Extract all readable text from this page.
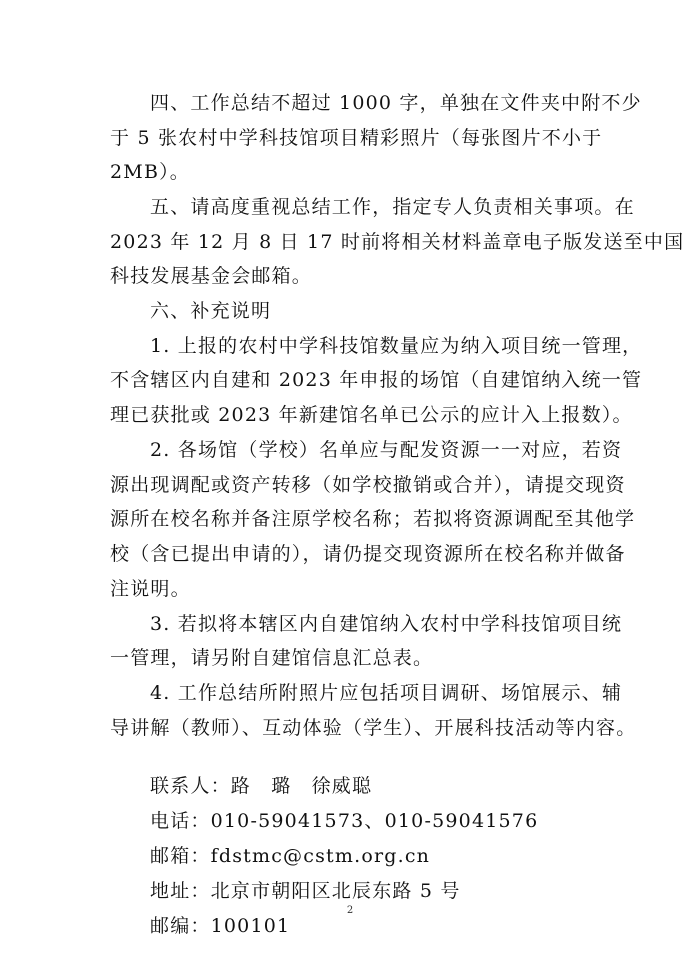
四、工作总结不超过 1000 字，单独在文件夹中附不少
于 5 张农村中学科技馆项目精彩照片（每张图片不小于
2MB）。
五、请高度重视总结工作，指定专人负责相关事项。在
2023 年 12 月 8 日 17 时前将相关材料盖章电子版发送至中国
科技发展基金会邮箱。
六、补充说明
1. 上报的农村中学科技馆数量应为纳入项目统一管理，
不含辖区内自建和 2023 年申报的场馆（自建馆纳入统一管
理已获批或 2023 年新建馆名单已公示的应计入上报数）。
2. 各场馆（学校）名单应与配发资源一一对应，若资
源出现调配或资产转移（如学校撤销或合并），请提交现资
源所在校名称并备注原学校名称；若拟将资源调配至其他学
校（含已提出申请的），请仍提交现资源所在校名称并做备
注说明。
3. 若拟将本辖区内自建馆纳入农村中学科技馆项目统
一管理，请另附自建馆信息汇总表。
4. 工作总结所附照片应包括项目调研、场馆展示、辅
导讲解（教师）、互动体验（学生）、开展科技活动等内容。
联系人：路　璐　徐威聪
电话：010-59041573、010-59041576
邮箱：fdstmc@cstm.org.cn
地址：北京市朝阳区北辰东路 5 号
邮编：100101
2
